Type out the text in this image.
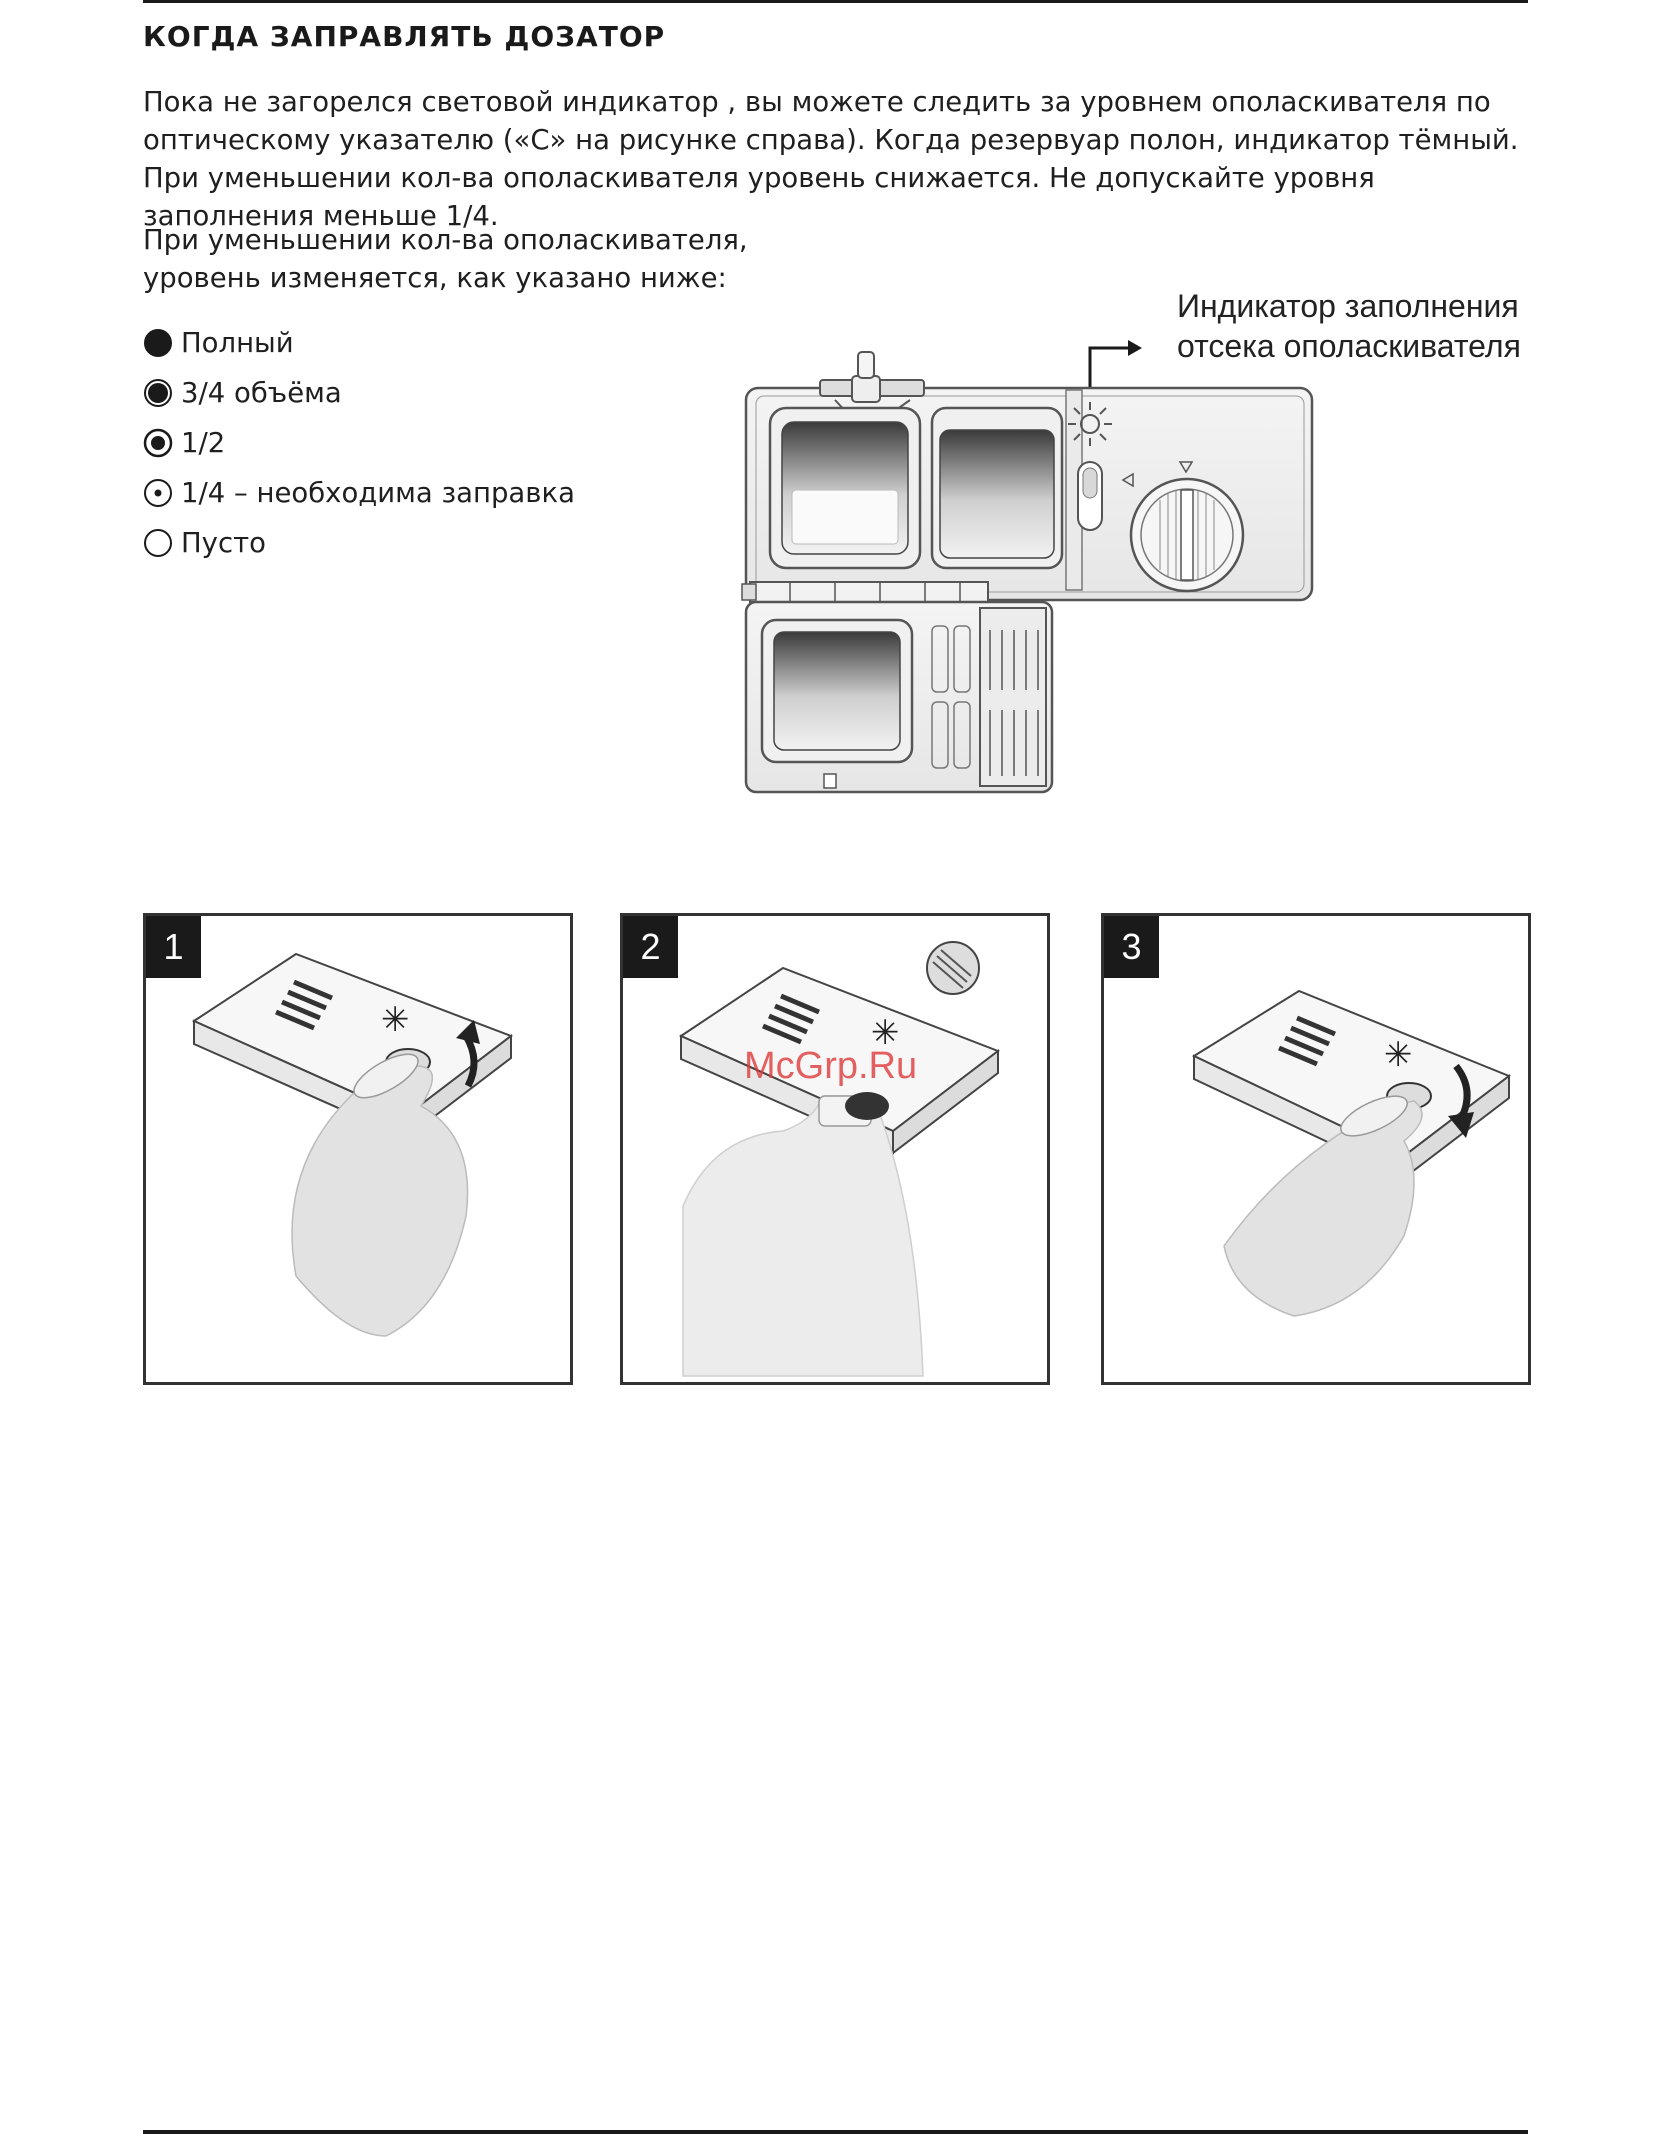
КОГДА ЗАПРАВЛЯТЬ ДОЗАТОР
Пока не загорелся световой индикатор , вы можете следить за уровнем ополаскивателя по оптическому указателю («С» на рисунке справа). Когда резервуар полон, индикатор тёмный. При уменьшении кол-ва ополаскивателя уровень снижается. Не допускайте уровня заполнения меньше 1/4.
При уменьшении кол-ва ополаскивателя, уровень изменяется, как указано ниже:
Полный
3/4 объёма
1/2
1/4 – необходима заправка
Пусто
Индикатор заполнения
отсека ополаскивателя
1
✳
2
✳
3
✳
McGrp.Ru
